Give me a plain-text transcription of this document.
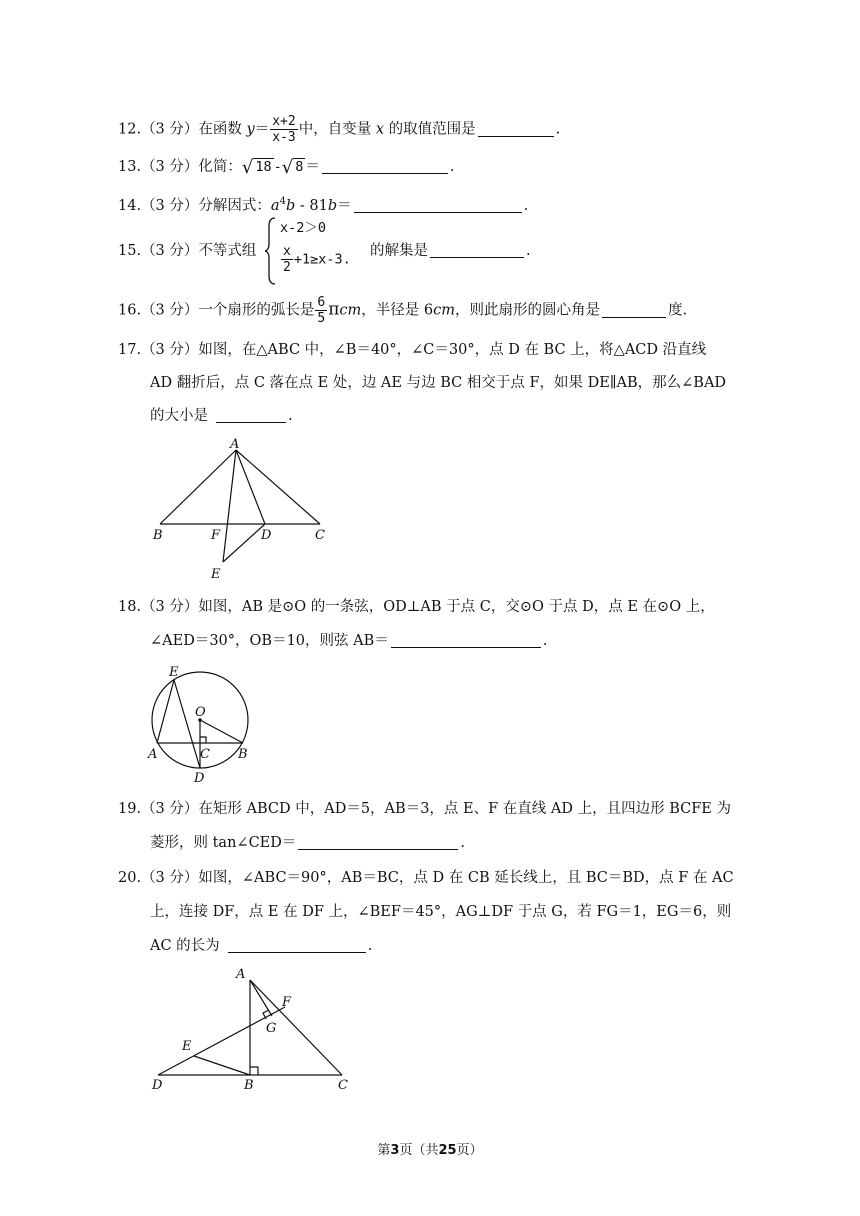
12.（3 分）在函数 $y= \frac{x+2}{x-3}$ 中，自变量 x 的取值范围是	.
13.（3 分）化简：√ 18 -√ 8 ＝	.
14.（3 分）分解因式：$a^4b - 81b=$	.
15.（3 分）不等式组
x-2＞0
$\frac{x}{2} +1\ge x-3$.
的解集是	.
16.（3 分）一个扇形的弧长是 $\frac{6}{5}$ πcm，半径是 6cm，则此扇形的圆心角是	度.
17.（3 分）如图，在△ABC 中，∠B＝40°，∠C＝30°，点 D 在 BC 上，将△ACD 沿直线
AD 翻折后，点 C 落在点 E 处，边 AE 与边 BC 相交于点 F，如果 DE∥AB，那么∠BAD
的大小是	.
A
B	F	D	C
E
18.（3 分）如图，AB 是⊙O 的一条弦，OD⊥AB 于点 C，交⊙O 于点 D，点 E 在⊙O 上，
∠AED＝30°，OB＝10，则弦 AB＝	.
E
O
A	C B
D
19.（3 分）在矩形 ABCD 中，AD＝5，AB＝3，点 E、F 在直线 AD 上，且四边形 BCFE 为
菱形，则 tan∠CED＝	.
20.（3 分）如图，∠ABC＝90°，AB＝BC，点 D 在 CB 延长线上，且 BC＝BD，点 F 在 AC
上，连接 DF，点 E 在 DF 上，∠BEF＝45°，AG⊥DF 于点 G，若 FG＝1，EG＝6，则
AC 的长为	.
A
F
G
E
D	B	C
第3页（共25页）
